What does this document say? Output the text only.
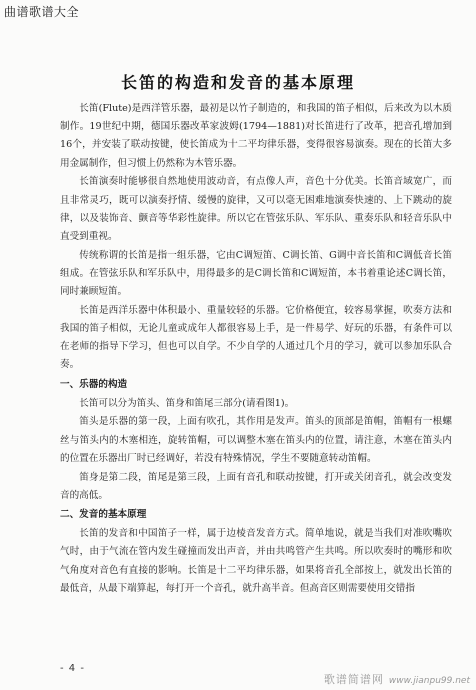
曲谱歌谱大全
长笛的构造和发音的基本原理

长笛(Flute)是西洋管乐器，最初是以竹子制造的，和我国的笛子相似，后来改为以木质制作。19世纪中期，德国乐器改革家波姆(1794—1881)对长笛进行了改革，把音孔增加到16个，并安装了联动按键，使长笛成为十二平均律乐器，变得很容易演奏。现在的长笛大多用金属制作，但习惯上仍然称为木管乐器。

长笛演奏时能够很自然地使用波动音，有点像人声，音色十分优美。长笛音域宽广，而且非常灵巧，既可以演奏抒情、缓慢的旋律，又可以毫无困难地演奏快速的、上下跳动的旋律，以及装饰音、颤音等华彩性旋律。所以它在管弦乐队、军乐队、重奏乐队和轻音乐队中直受到重视。

传统称谓的长笛是指一组乐器，它由C调短笛、C调长笛、G调中音长笛和C调低音长笛组成。在管弦乐队和军乐队中，用得最多的是C调长笛和C调短笛，本书着重论述C调长笛，同时兼顾短笛。

长笛是西洋乐器中体积最小、重量较轻的乐器。它价格便宜，较容易掌握，吹奏方法和我国的笛子相似，无论儿童或成年人都很容易上手，是一件易学、好玩的乐器，有条件可以在老师的指导下学习，但也可以自学。不少自学的人通过几个月的学习，就可以参加乐队合奏。

一、乐器的构造

长笛可以分为笛头、笛身和笛尾三部分(请看图1)。

笛头是乐器的第一段，上面有吹孔，其作用是发声。笛头的顶部是笛帽，笛帽有一根螺丝与笛头内的木塞相连，旋转笛帽，可以调整木塞在笛头内的位置，请注意，木塞在笛头内的位置在乐器出厂时已经调好，若没有特殊情况，学生不要随意转动笛帽。

笛身是第二段，笛尾是第三段，上面有音孔和联动按键，打开或关闭音孔，就会改变发音的高低。

二、发音的基本原理

长笛的发音和中国笛子一样，属于边棱音发音方式。简单地说，就是当我们对准吹嘴吹气时，由于气流在管内发生碰撞而发出声音，并由共鸣管产生共鸣。所以吹奏时的嘴形和吹气角度对音色有直接的影响。长笛是十二平均律乐器，如果将音孔全部按上，就发出长笛的最低音，从最下端算起，每打开一个音孔，就升高半音。但高音区则需要使用交错指

- 4 -
歌谱简谱网 www.jianpu99.net
